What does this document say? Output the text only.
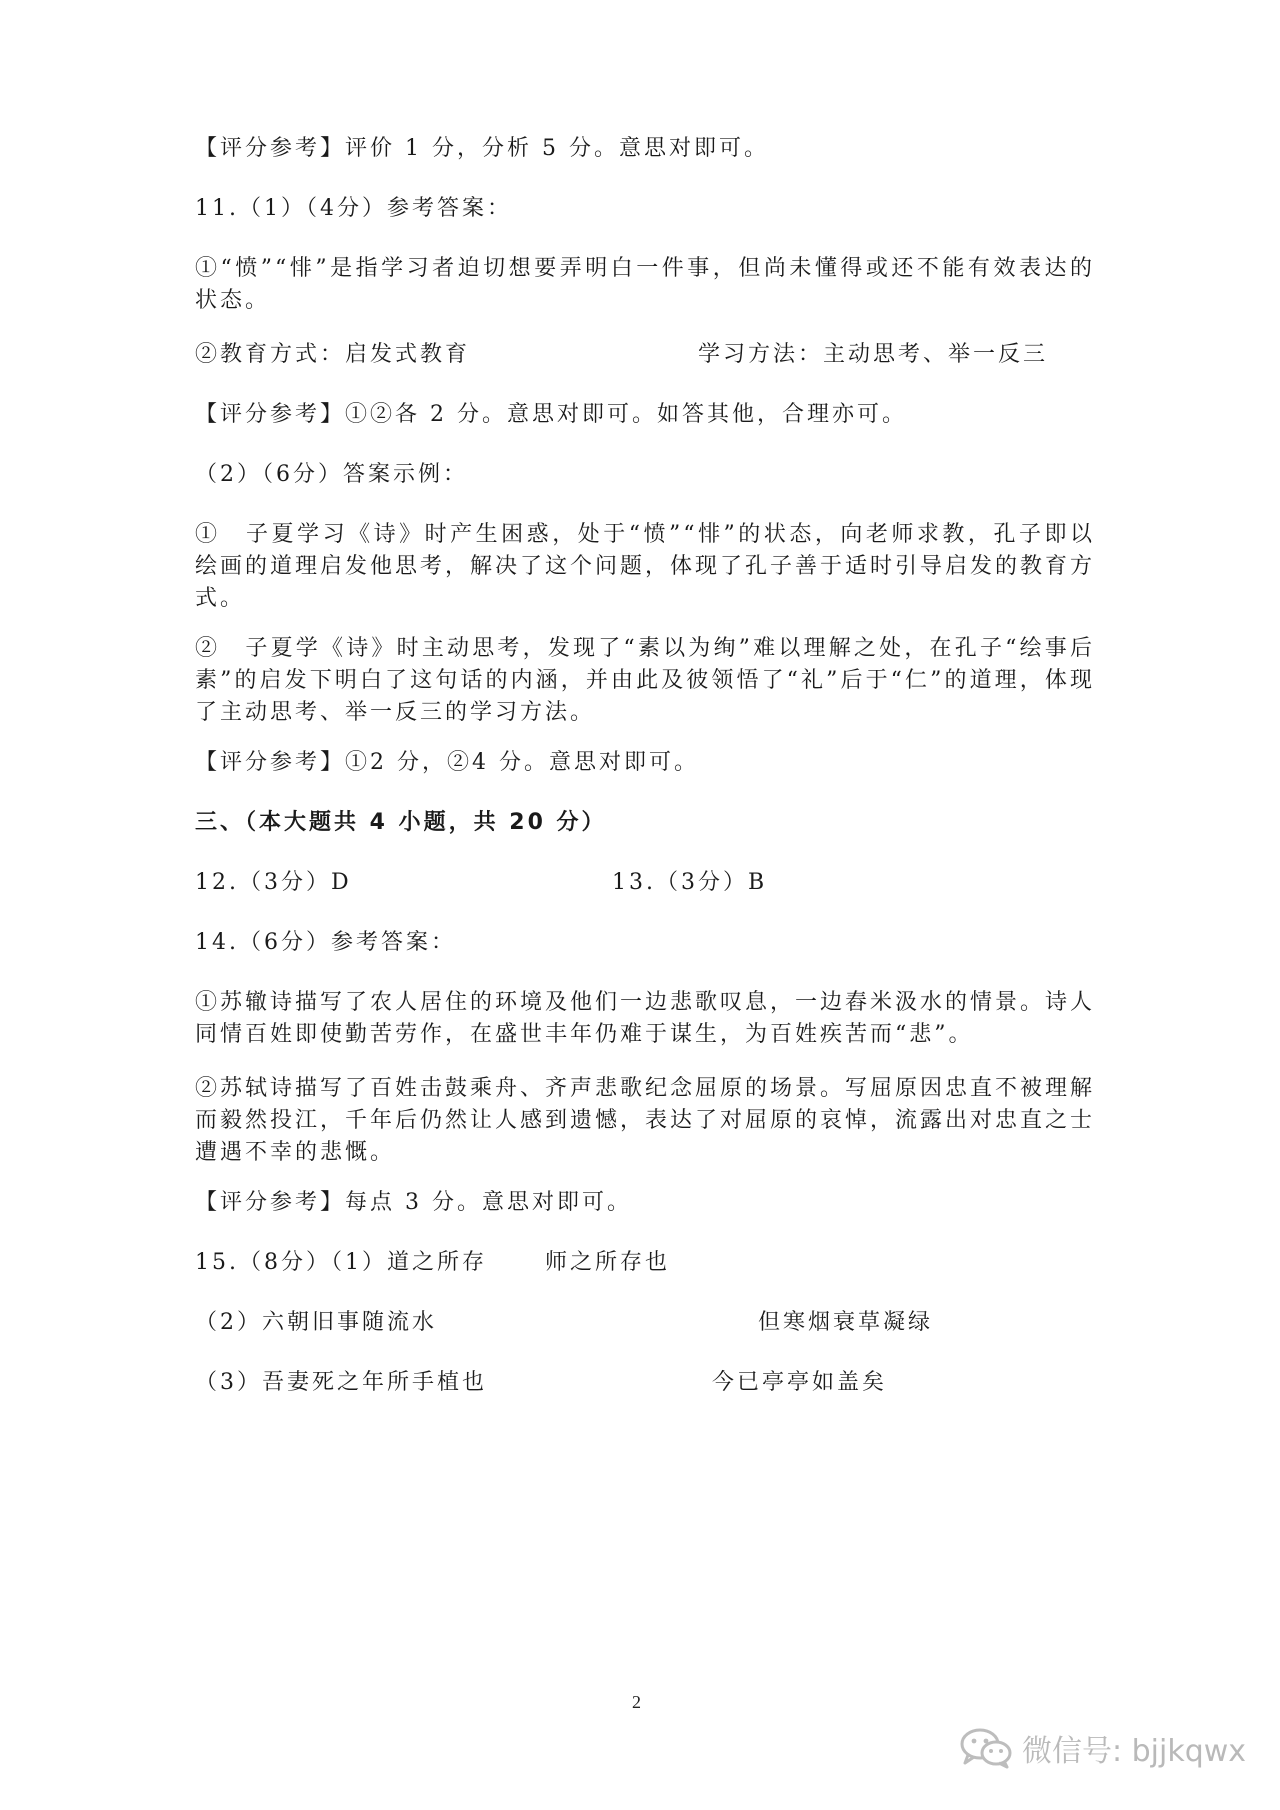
【评分参考】评价 1 分，分析 5 分。意思对即可。
11.（1）（4分）参考答案：
①“愤”“悱”是指学习者迫切想要弄明白一件事，但尚未懂得或还不能有效表达的状态。
②教育方式：启发式教育	学习方法：主动思考、举一反三
【评分参考】①②各 2 分。意思对即可。如答其他，合理亦可。
（2）（6分）答案示例：
①　子夏学习《诗》时产生困惑，处于“愤”“悱”的状态，向老师求教，孔子即以绘画的道理启发他思考，解决了这个问题，体现了孔子善于适时引导启发的教育方式。
②　子夏学《诗》时主动思考，发现了“素以为绚”难以理解之处，在孔子“绘事后素”的启发下明白了这句话的内涵，并由此及彼领悟了“礼”后于“仁”的道理，体现了主动思考、举一反三的学习方法。
【评分参考】①2 分，②4 分。意思对即可。
三、（本大题共 4 小题，共 20 分）
12.（3分）D	13.（3分）B
14.（6分）参考答案：
①苏辙诗描写了农人居住的环境及他们一边悲歌叹息，一边舂米汲水的情景。诗人同情百姓即使勤苦劳作，在盛世丰年仍难于谋生，为百姓疾苦而“悲”。
②苏轼诗描写了百姓击鼓乘舟、齐声悲歌纪念屈原的场景。写屈原因忠直不被理解而毅然投江，千年后仍然让人感到遗憾，表达了对屈原的哀悼，流露出对忠直之士遭遇不幸的悲慨。
【评分参考】每点 3 分。意思对即可。
15.（8分）（1）道之所存	师之所存也
（2）六朝旧事随流水	但寒烟衰草凝绿
（3）吾妻死之年所手植也	今已亭亭如盖矣
2
微信号: bjjkqwx
